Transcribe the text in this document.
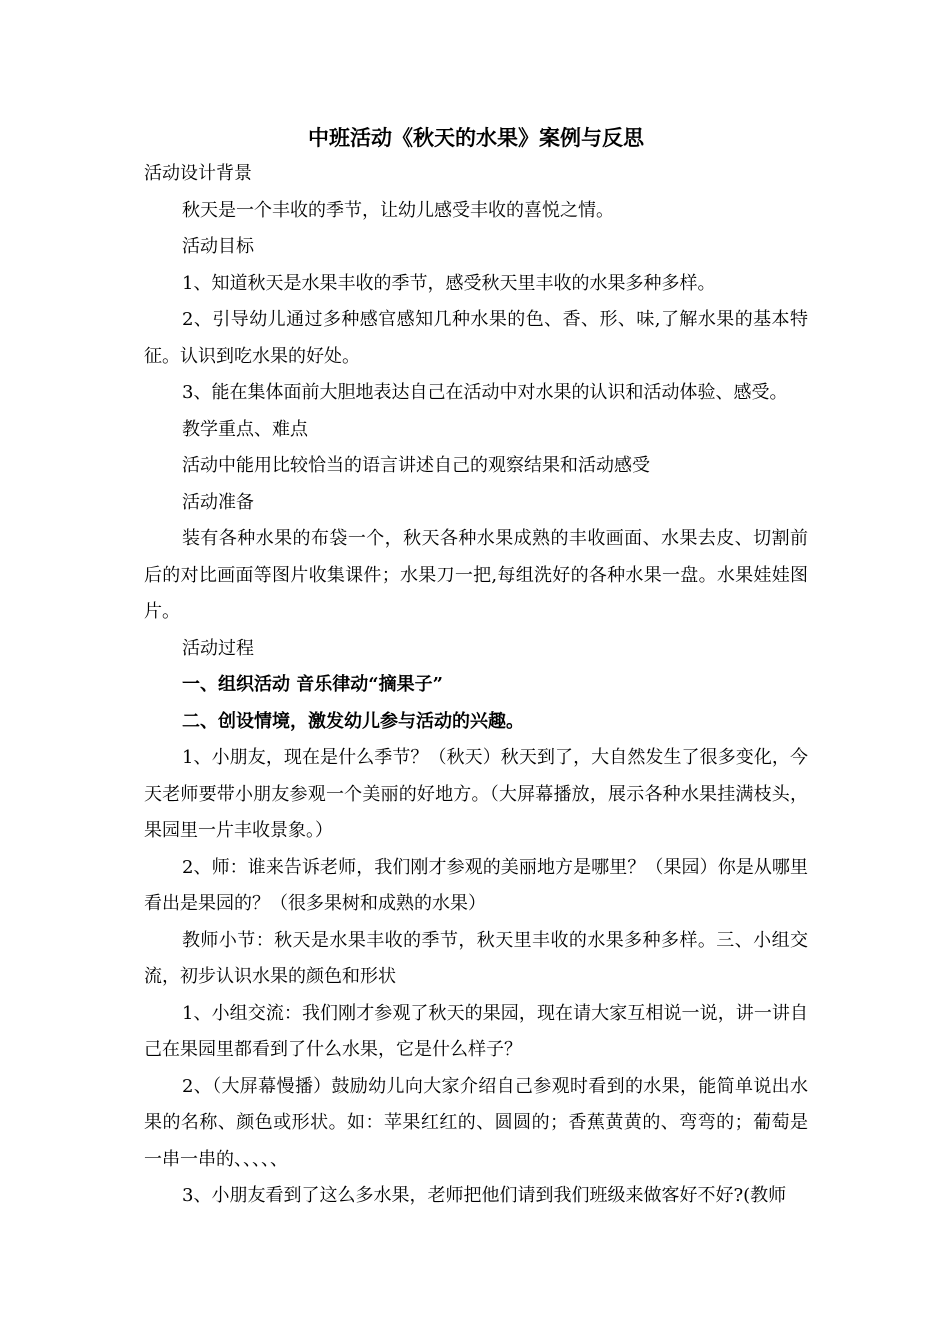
中班活动《秋天的水果》案例与反思
活动设计背景
秋天是一个丰收的季节，让幼儿感受丰收的喜悦之情。
活动目标
1、知道秋天是水果丰收的季节，感受秋天里丰收的水果多种多样。
2、引导幼儿通过多种感官感知几种水果的色、香、形、味,了解水果的基本特征。认识到吃水果的好处。
3、能在集体面前大胆地表达自己在活动中对水果的认识和活动体验、感受。
教学重点、难点
活动中能用比较恰当的语言讲述自己的观察结果和活动感受
活动准备
装有各种水果的布袋一个，秋天各种水果成熟的丰收画面、水果去皮、切割前后的对比画面等图片收集课件；水果刀一把,每组洗好的各种水果一盘。水果娃娃图片。
活动过程
一、组织活动 音乐律动“摘果子”
二、创设情境，激发幼儿参与活动的兴趣。
1、小朋友，现在是什么季节？（秋天）秋天到了，大自然发生了很多变化，今天老师要带小朋友参观一个美丽的好地方。（大屏幕播放，展示各种水果挂满枝头，果园里一片丰收景象。）
2、师：谁来告诉老师，我们刚才参观的美丽地方是哪里？（果园）你是从哪里看出是果园的？（很多果树和成熟的水果）
教师小节：秋天是水果丰收的季节，秋天里丰收的水果多种多样。三、小组交流，初步认识水果的颜色和形状
1、小组交流：我们刚才参观了秋天的果园，现在请大家互相说一说，讲一讲自己在果园里都看到了什么水果，它是什么样子？
2、（大屏幕慢播）鼓励幼儿向大家介绍自己参观时看到的水果，能简单说出水果的名称、颜色或形状。如：苹果红红的、圆圆的；香蕉黄黄的、弯弯的；葡萄是一串一串的、、、、、
3、小朋友看到了这么多水果，老师把他们请到我们班级来做客好不好?(教师
